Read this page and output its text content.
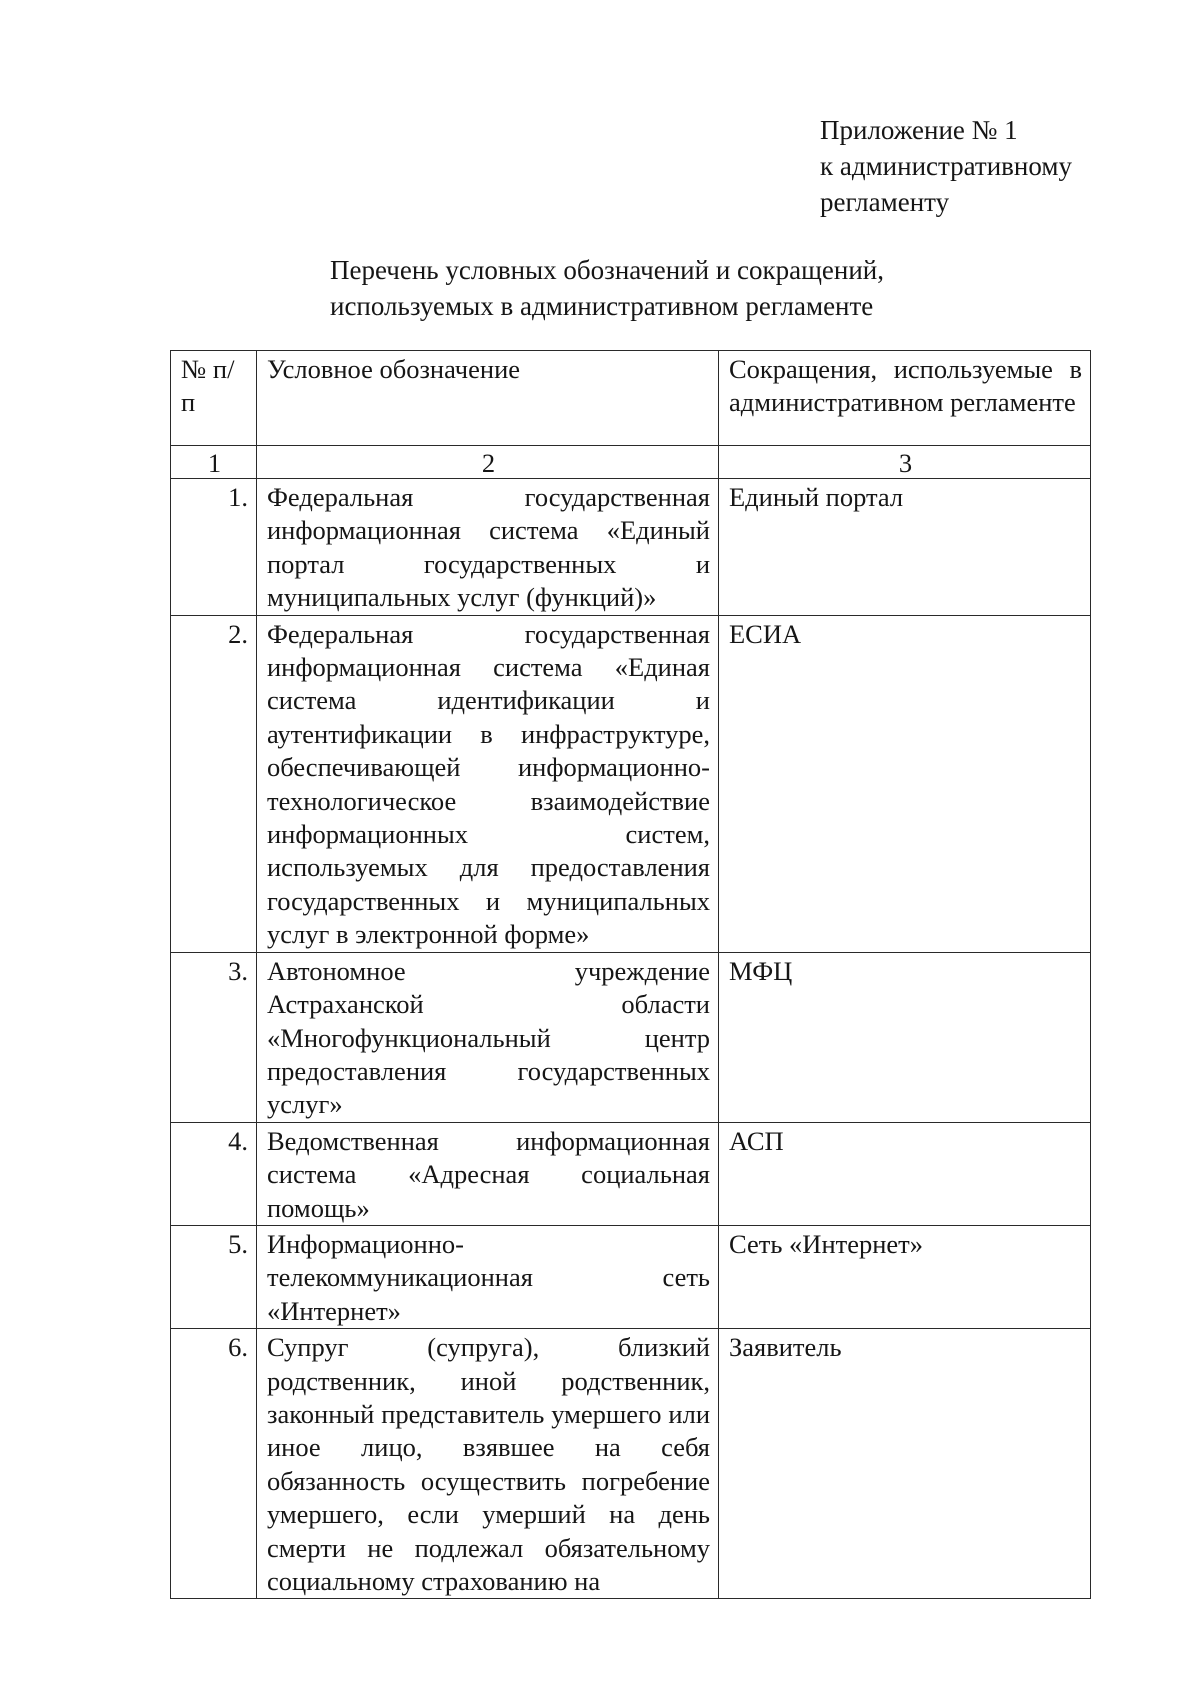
Приложение № 1
к административному
регламенту
Перечень условных обозначений и сокращений,
используемых в административном регламенте
№ п/п	Условное обозначение	Сокращения, используемые в административном регламенте
1	2	3
1.	Федеральная государственная информационная система «Единый портал государственных и муниципальных услуг (функций)»	Единый портал
2.	Федеральная государственная информационная система «Единая система идентификации и аутентификации в инфраструктуре, обеспечивающей информационно-технологическое взаимодействие информационных систем, используемых для предоставления государственных и муниципальных услуг в электронной форме»	ЕСИА
3.	Автономное учреждение Астраханской области «Многофункциональный центр предоставления государственных услуг»	МФЦ
4.	Ведомственная информационная система «Адресная социальная помощь»	АСП
5.	Информационно-телекоммуникационная сеть «Интернет»	Сеть «Интернет»
6.	Супруг (супруга), близкий родственник, иной родственник, законный представитель умершего или иное лицо, взявшее на себя обязанность осуществить погребение умершего, если умерший на день смерти не подлежал обязательному социальному страхованию на	Заявитель
